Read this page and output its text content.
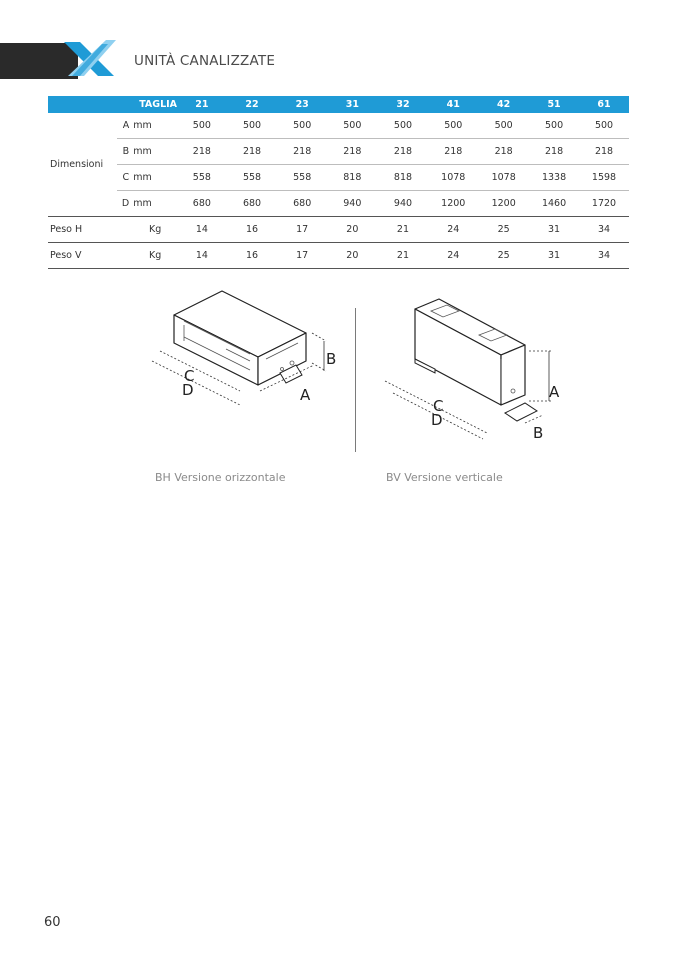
UNITÀ CANALIZZATE
		TAGLIA	21	22	23	31	32	41	42	51	61
Dimensioni	A	mm	500	500	500	500	500	500	500	500	500
	B	mm	218	218	218	218	218	218	218	218	218
	C	mm	558	558	558	818	818	1078	1078	1338	1598
	D	mm	680	680	680	940	940	1200	1200	1460	1720
Peso H		Kg	14	16	17	20	21	24	25	31	34
Peso V		Kg	14	16	17	20	21	24	25	31	34
B
C
D	A	A
C
D
B
BH Versione orizzontale	BV Versione verticale
60
